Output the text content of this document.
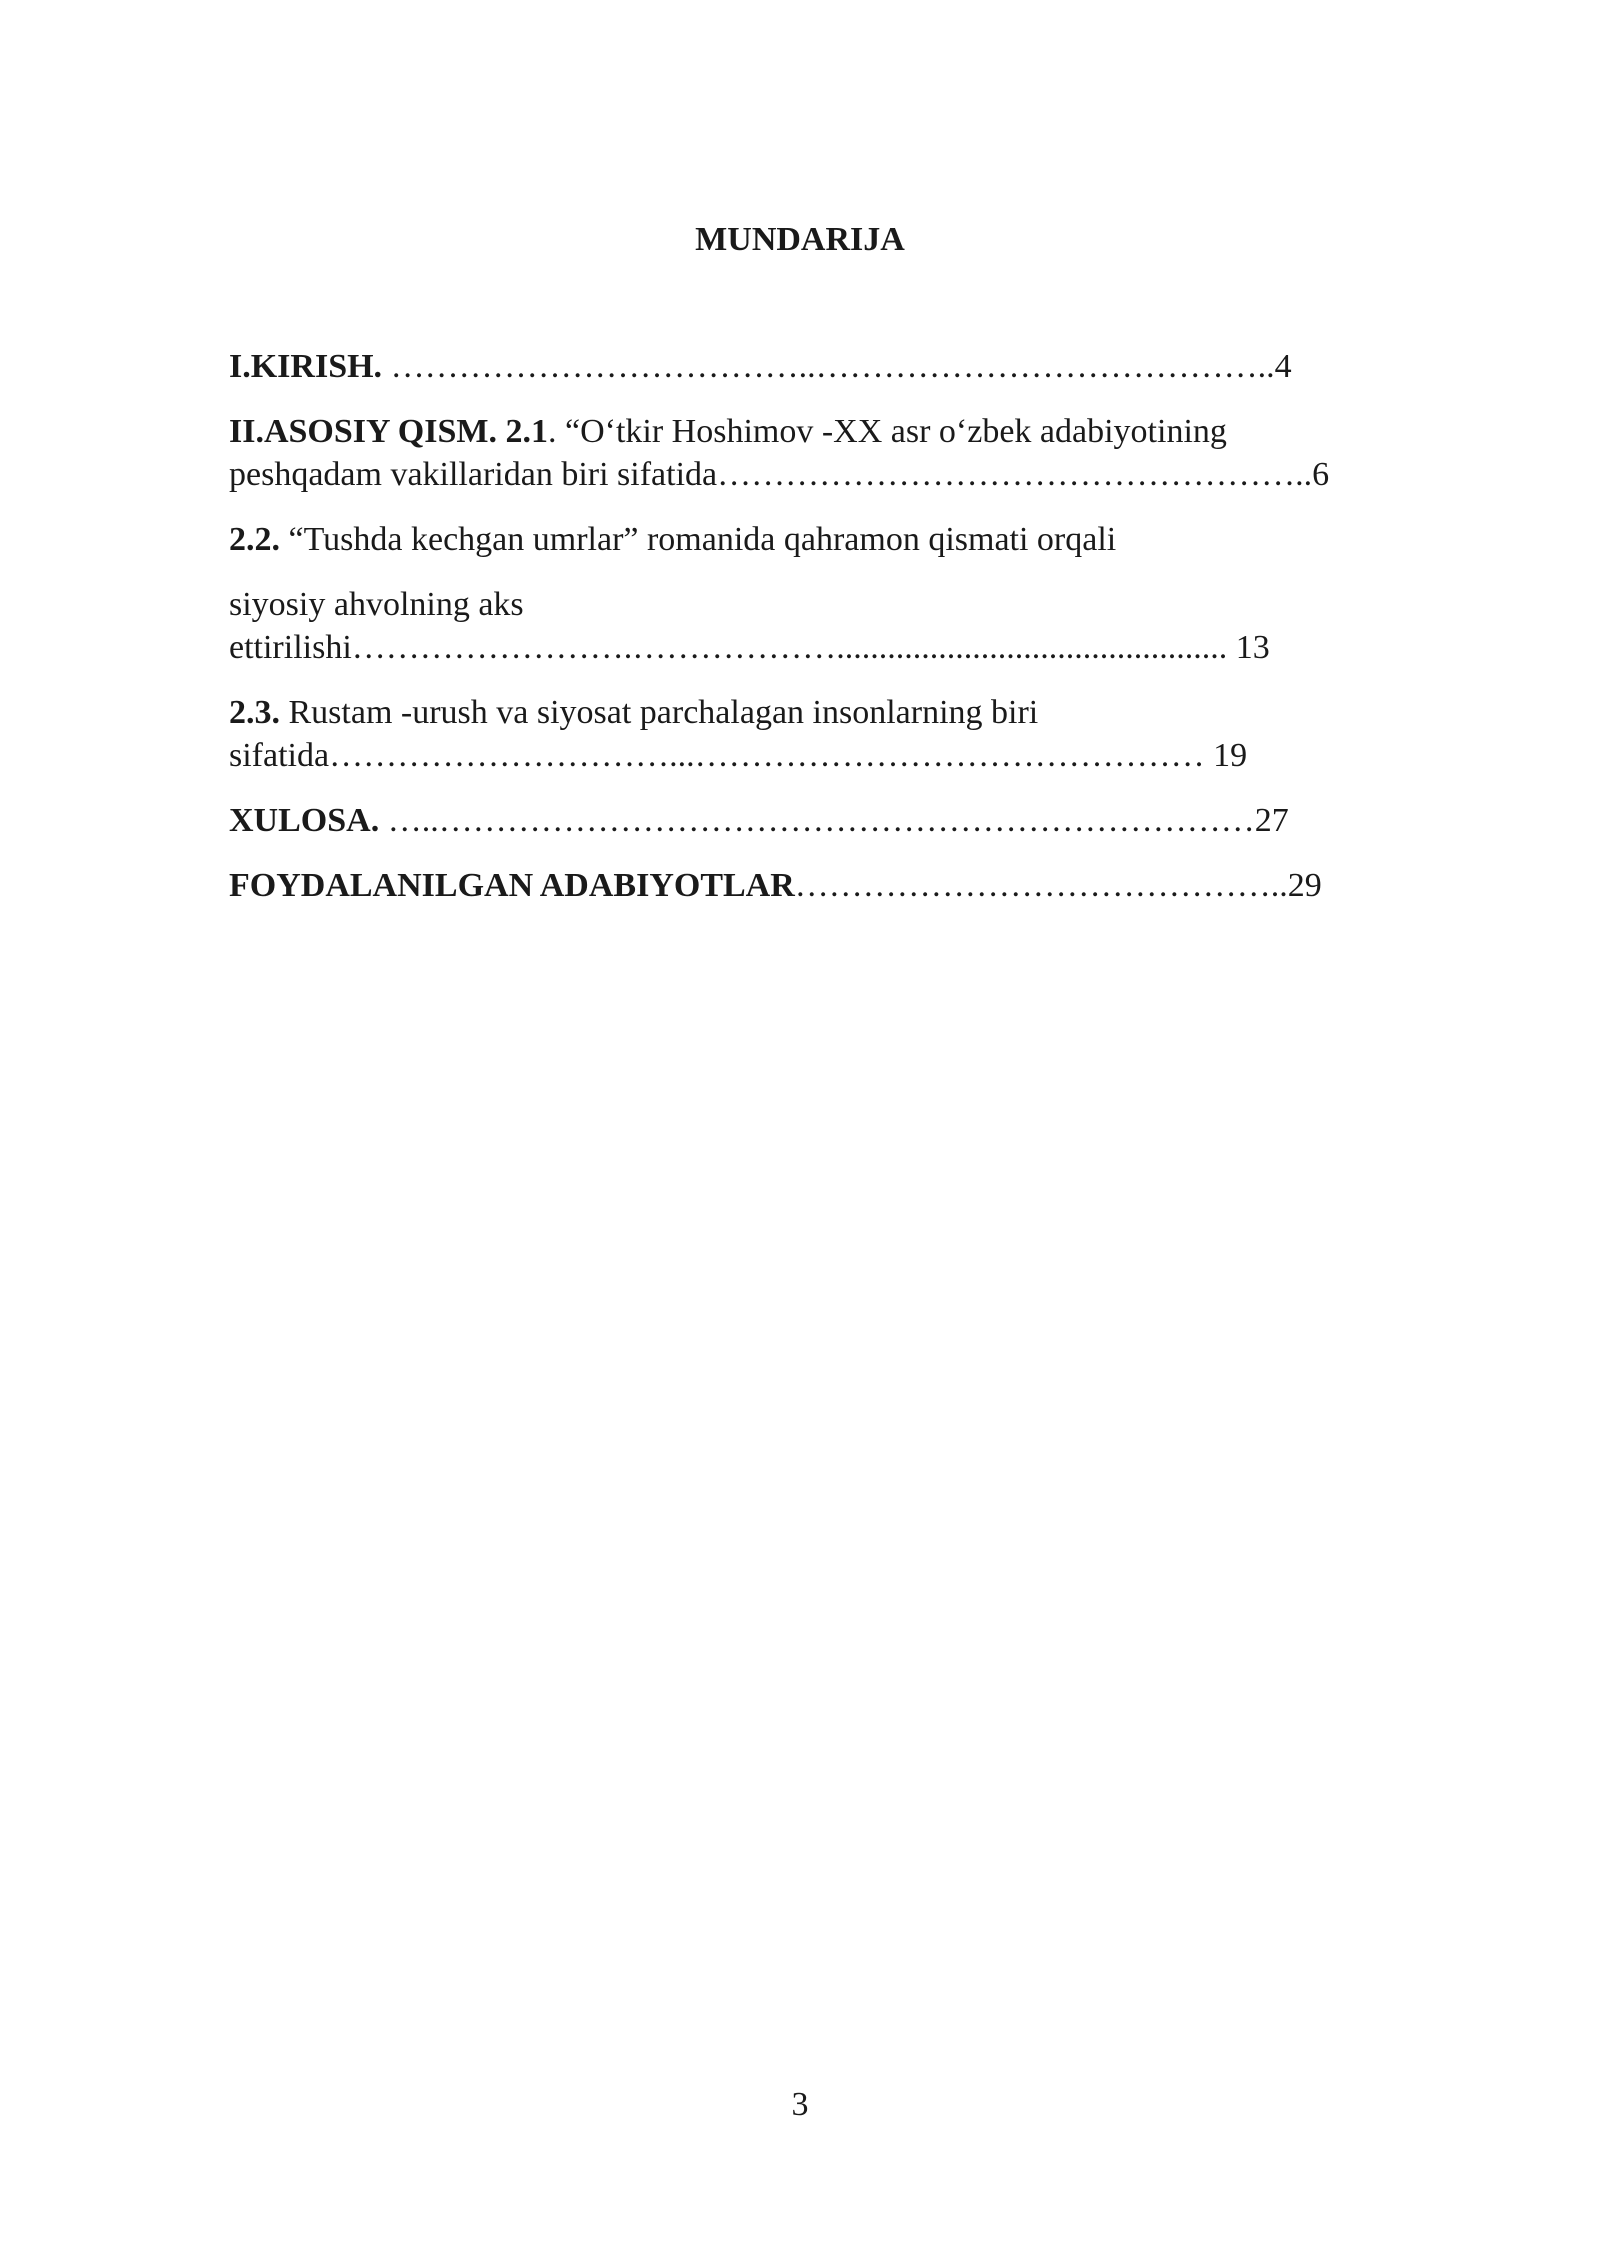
MUNDARIJA
I.KIRISH. ………………………………..…………………………………..4
II.ASOSIY QISM. 2.1. “O‘tkir Hoshimov -XX asr o‘zbek adabiyotining
peshqadam vakillaridan biri sifatida……………………………………………..6
2.2. “Tushda kechgan umrlar” romanida qahramon qismati orqali
siyosiy ahvolning aks
ettirilishi…………………….……………….............................................. 13
2.3. Rustam -urush va siyosat parchalagan insonlarning biri
sifatida…………………………...……………………………………… 19
XULOSA. …..………………………………………………………………27
FOYDALANILGAN ADABIYOTLAR……………………………………..29
3
